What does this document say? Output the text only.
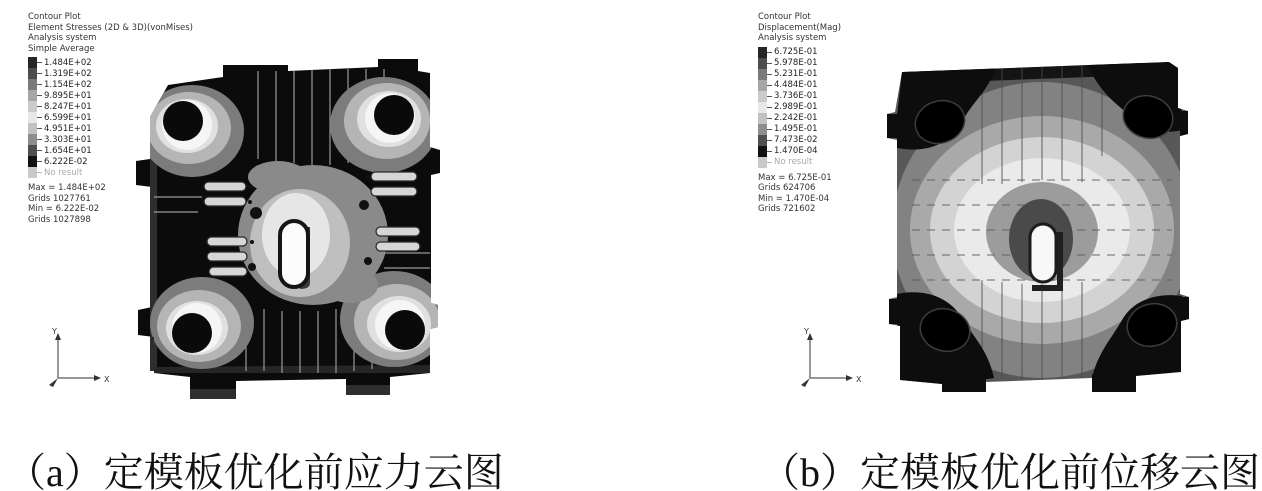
Contour Plot
Element Stresses (2D & 3D)(vonMises)
Analysis system
Simple Average
1.484E+02
1.319E+02
1.154E+02
9.895E+01
8.247E+01
6.599E+01
4.951E+01
3.303E+01
1.654E+01
6.222E-02
No result
Max = 1.484E+02
Grids 1027761
Min = 6.222E-02
Grids 1027898
Y
X
Contour Plot
Displacement(Mag)
Analysis system
6.725E-01
5.978E-01
5.231E-01
4.484E-01
3.736E-01
2.989E-01
2.242E-01
1.495E-01
7.473E-02
1.470E-04
No result
Max = 6.725E-01
Grids 624706
Min = 1.470E-04
Grids 721602
Y
X
（a）定模板优化前应力云图	（b）定模板优化前位移云图
